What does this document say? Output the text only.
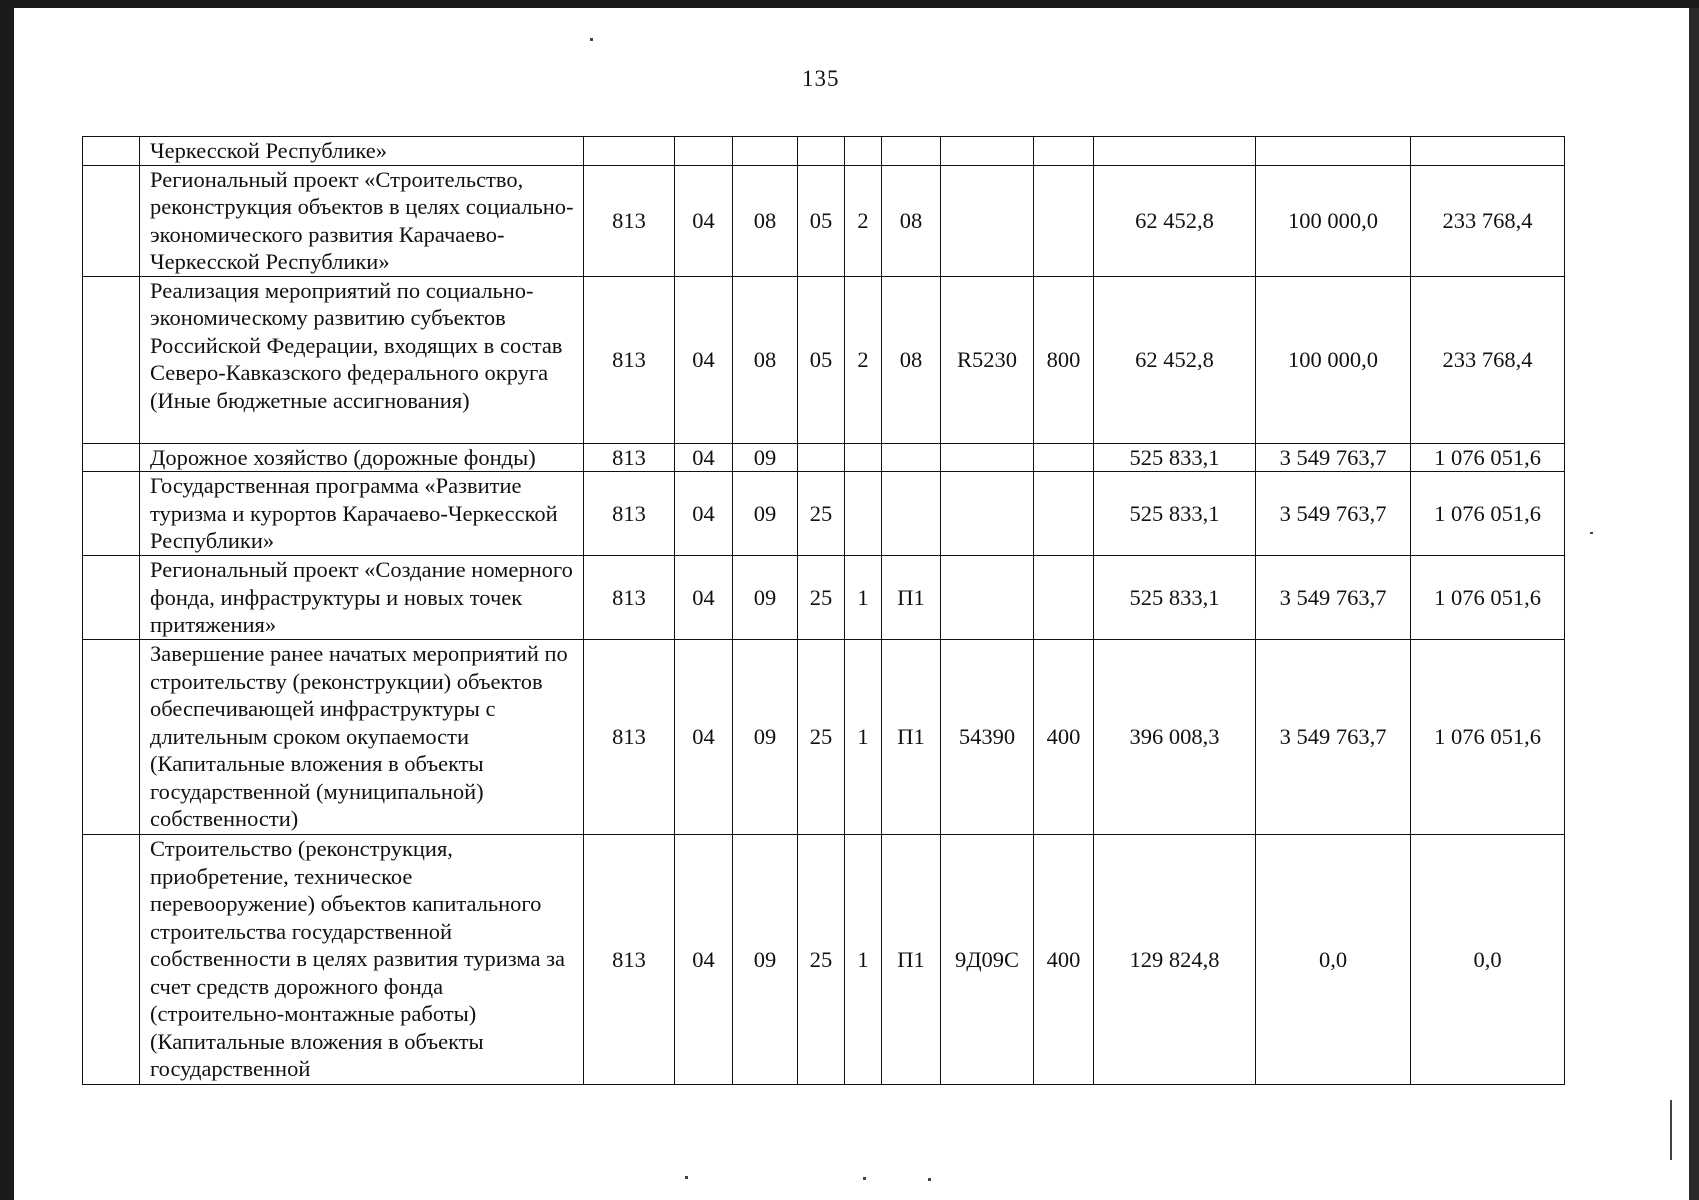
135
	Черкесской Республике»											
	Региональный проект «Строительство, реконструкция объектов в целях социально-экономического развития Карачаево-Черкесской Республики»	813	04	08	05	2	08			62 452,8	100 000,0	233 768,4
	Реализация мероприятий по социально-экономическому развитию субъектов Российской Федерации, входящих в состав Северо-Кавказского федерального округа (Иные бюджетные ассигнования)	813	04	08	05	2	08	R5230	800	62 452,8	100 000,0	233 768,4
	Дорожное хозяйство (дорожные фонды)	813	04	09						525 833,1	3 549 763,7	1 076 051,6
	Государственная программа «Развитие туризма и курортов Карачаево-Черкесской Республики»	813	04	09	25					525 833,1	3 549 763,7	1 076 051,6
	Региональный проект «Создание номерного фонда, инфраструктуры и новых точек притяжения»	813	04	09	25	1	П1			525 833,1	3 549 763,7	1 076 051,6
	Завершение ранее начатых мероприятий по строительству (реконструкции) объектов обеспечивающей инфраструктуры с длительным сроком окупаемости (Капитальные вложения в объекты государственной (муниципальной) собственности)	813	04	09	25	1	П1	54390	400	396 008,3	3 549 763,7	1 076 051,6
	Строительство (реконструкция, приобретение, техническое перевооружение) объектов капитального строительства государственной собственности в целях развития туризма за счет средств дорожного фонда (строительно-монтажные работы) (Капитальные вложения в объекты государственной	813	04	09	25	1	П1	9Д09С	400	129 824,8	0,0	0,0
